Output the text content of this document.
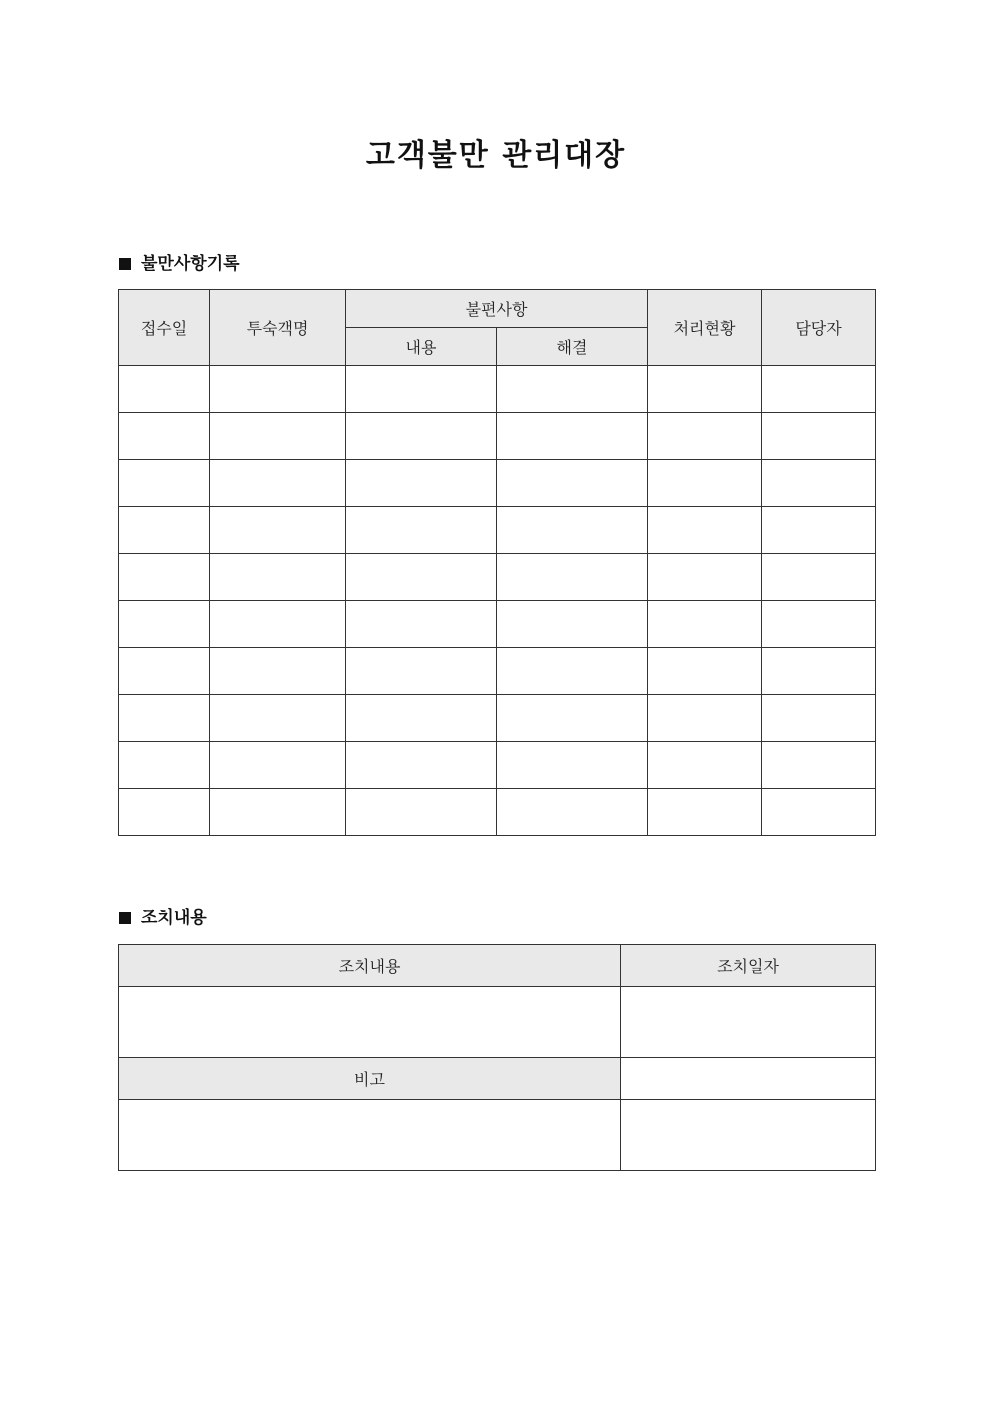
고객불만 관리대장
불만사항기록
접수일	투숙객명	불편사항		처리현황	담당자
		내용	해결		

조치내용
조치내용	조치일자

비고	
